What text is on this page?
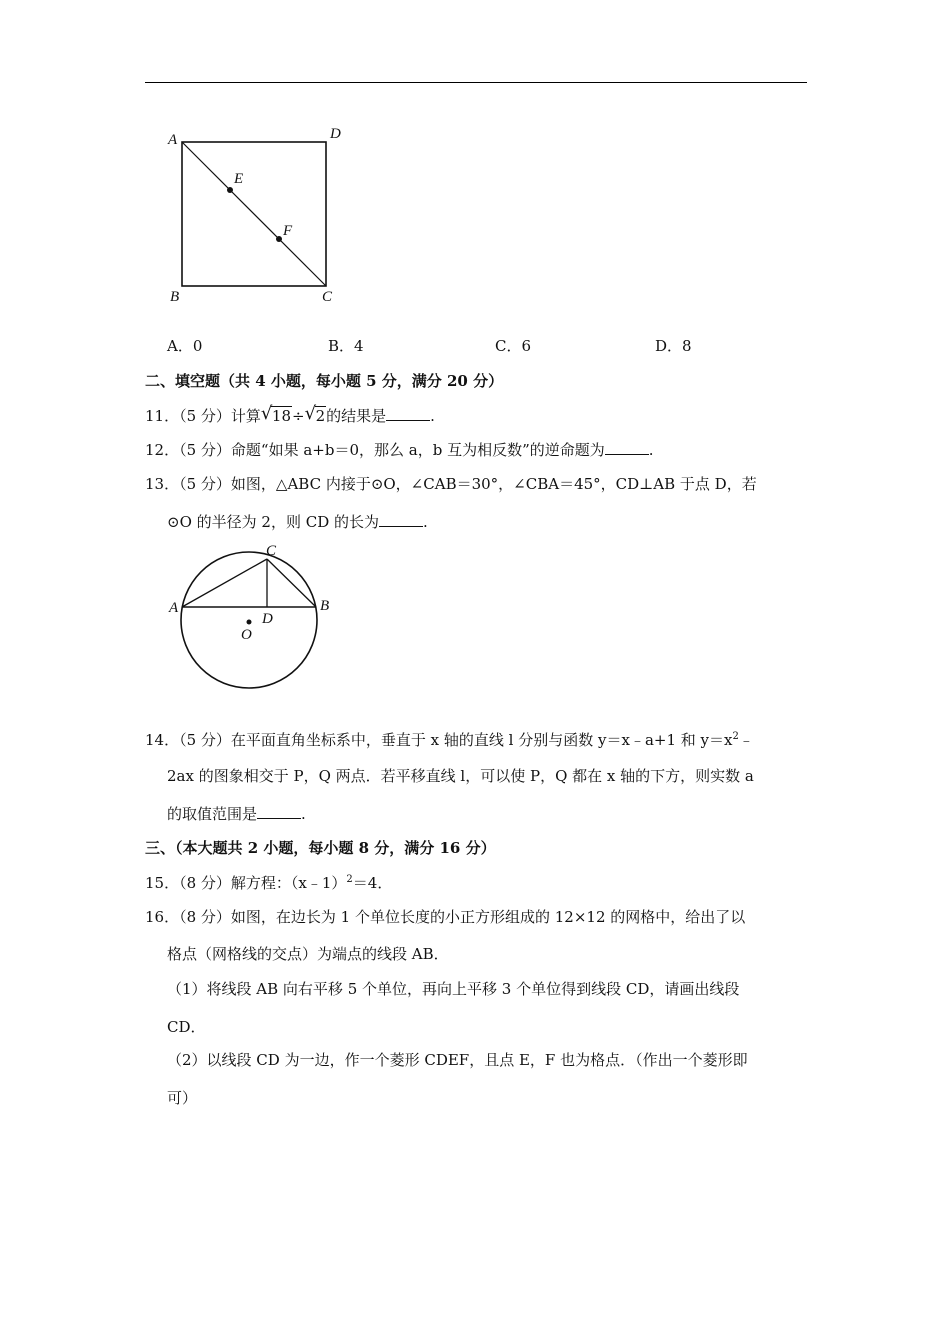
A	D
E
F
B	C
A．0	B．4	C．6	D．8
二、填空题（共 4 小题，每小题 5 分，满分 20 分）
11．（5 分）计算 √ 18÷ √ 2的结果是	.
12．（5 分）命题“如果 a+b＝0，那么 a，b 互为相反数”的逆命题为	.
13．（5 分）如图，△ABC 内接于⊙O，∠CAB＝30°，∠CBA＝45°，CD⊥AB 于点 D，若
⊙O 的半径为 2，则 CD 的长为	.
C
A	B
D
O
14．（5 分）在平面直角坐标系中，垂直于 x 轴的直线 l 分别与函数 y＝x﹣a+1 和 $y=x^2﹣$
2ax 的图象相交于 P，Q 两点．若平移直线 l，可以使 P，Q 都在 x 轴的下方，则实数 a
的取值范围是	.
三、（本大题共 2 小题，每小题 8 分，满分 16 分）
15．（8 分）解方程：（x﹣1）$^2$＝4．
16．（8 分）如图，在边长为 1 个单位长度的小正方形组成的 12×12 的网格中，给出了以
格点（网格线的交点）为端点的线段 AB．
（1）将线段 AB 向右平移 5 个单位，再向上平移 3 个单位得到线段 CD，请画出线段
CD．
（2）以线段 CD 为一边，作一个菱形 CDEF，且点 E，F 也为格点．（作出一个菱形即
可）
